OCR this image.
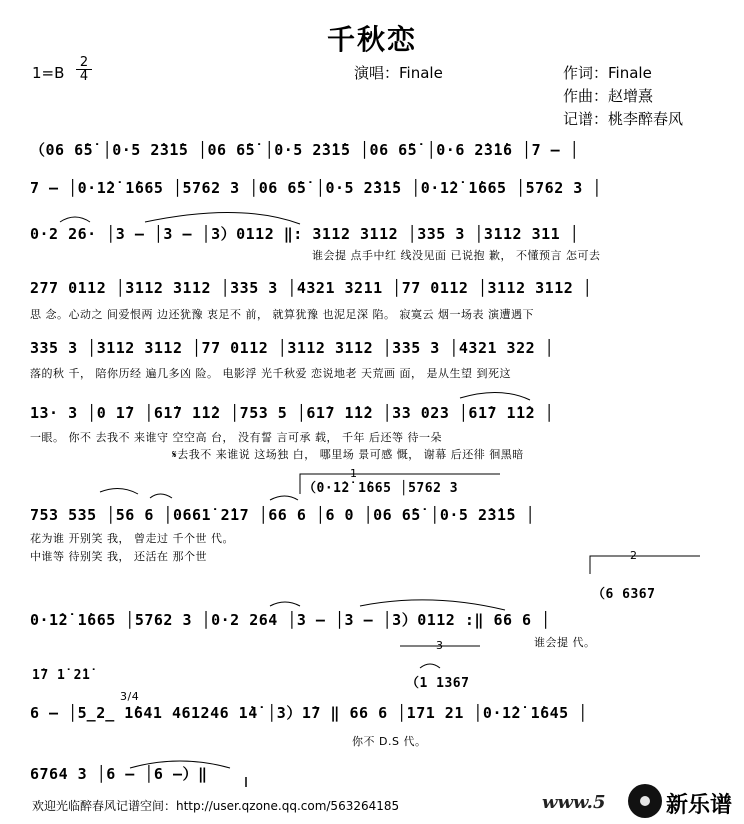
千秋恋
1=B
2
4	演唱：Finale	作词：Finale
作曲：赵增熹
记谱：桃李醉春风
（0·1̇2̇ 1̇665 │5762 3
1
2
3
（6 6367
1̇7 1̇ 2̇1̇
（1 1367
3/4
（06 6̇5̇ │0·5 2̇3̇1̇5 │06 6̇5̇ │0·5 2̇3̇1̇5 │06 6̇5̇ │0·6 2̇3̇1̇6 │7 – │
7 – │0·1̇2̇ 1̇665 │5762 3 │06 6̇5̇ │0·5 2̇3̇1̇5 │0·1̇2̇ 1̇665 │5762 3 │
0·2 26· │3 – │3 – │3）0112 ‖: 3112 3112 │335 3 │3112 311 │
谁会提 点手中红 线没见面 已说抱 歉， 不懂预言 怎可去
277 0112 │3112 3112 │335 3 │4321 3211 │77 0112 │3112 3112 │
思 念。心动之 间爱恨两 边还犹豫 衷足不 前， 就算犹豫 也泥足深 陷。 寂寞云 烟一场表 演遭遇下
335 3 │3112 3112 │77 0112 │3112 3112 │335 3 │4321 322 │
落的秋 千， 陪你历经 遍几多凶 险。 电影浮 光千秋爱 恋说地老 天荒画 面， 是从生望 到死这
13· 3 │0 1̇7 │61̇7 1̇1̇2 │753 5 │61̇7 1̇1̇2 │33 023 │61̇7 1̇1̇2 │
一眼。 你不 去我不 来谁守 空空高 台， 没有誓 言可承 载， 千年 后还等 待一朵
𝄋去我不 来谁说 这场独 白， 哪里场 景可感 慨， 谢幕 后还徘 徊黑暗
753 535 │56 6 │0661̇ 2̇17 │66 6 │6 0 │06 6̇5̇ │0·5 2̇3̇1̇5 │
花为谁 开别笑 我， 曾走过 千个世 代。
中谁等 待别笑 我， 还活在 那个世
0·1̇2̇ 1̇665 │5762 3 │0·2 264 │3 – │3 – │3）0112 :‖ 66 6 │
谁会提 代。
6 – │5̲2̲ 1̇641 461246 1̇4̇ │3）1̇7 ‖ 66 6 │171 21 │0·1̇2̇ 1̇645 │
你不 D.S 代。
6764 3 │6 – │6 –）‖
欢迎光临醉春风记谱空间：http://user.qzone.qq.com/563264185	www.5	新乐谱
